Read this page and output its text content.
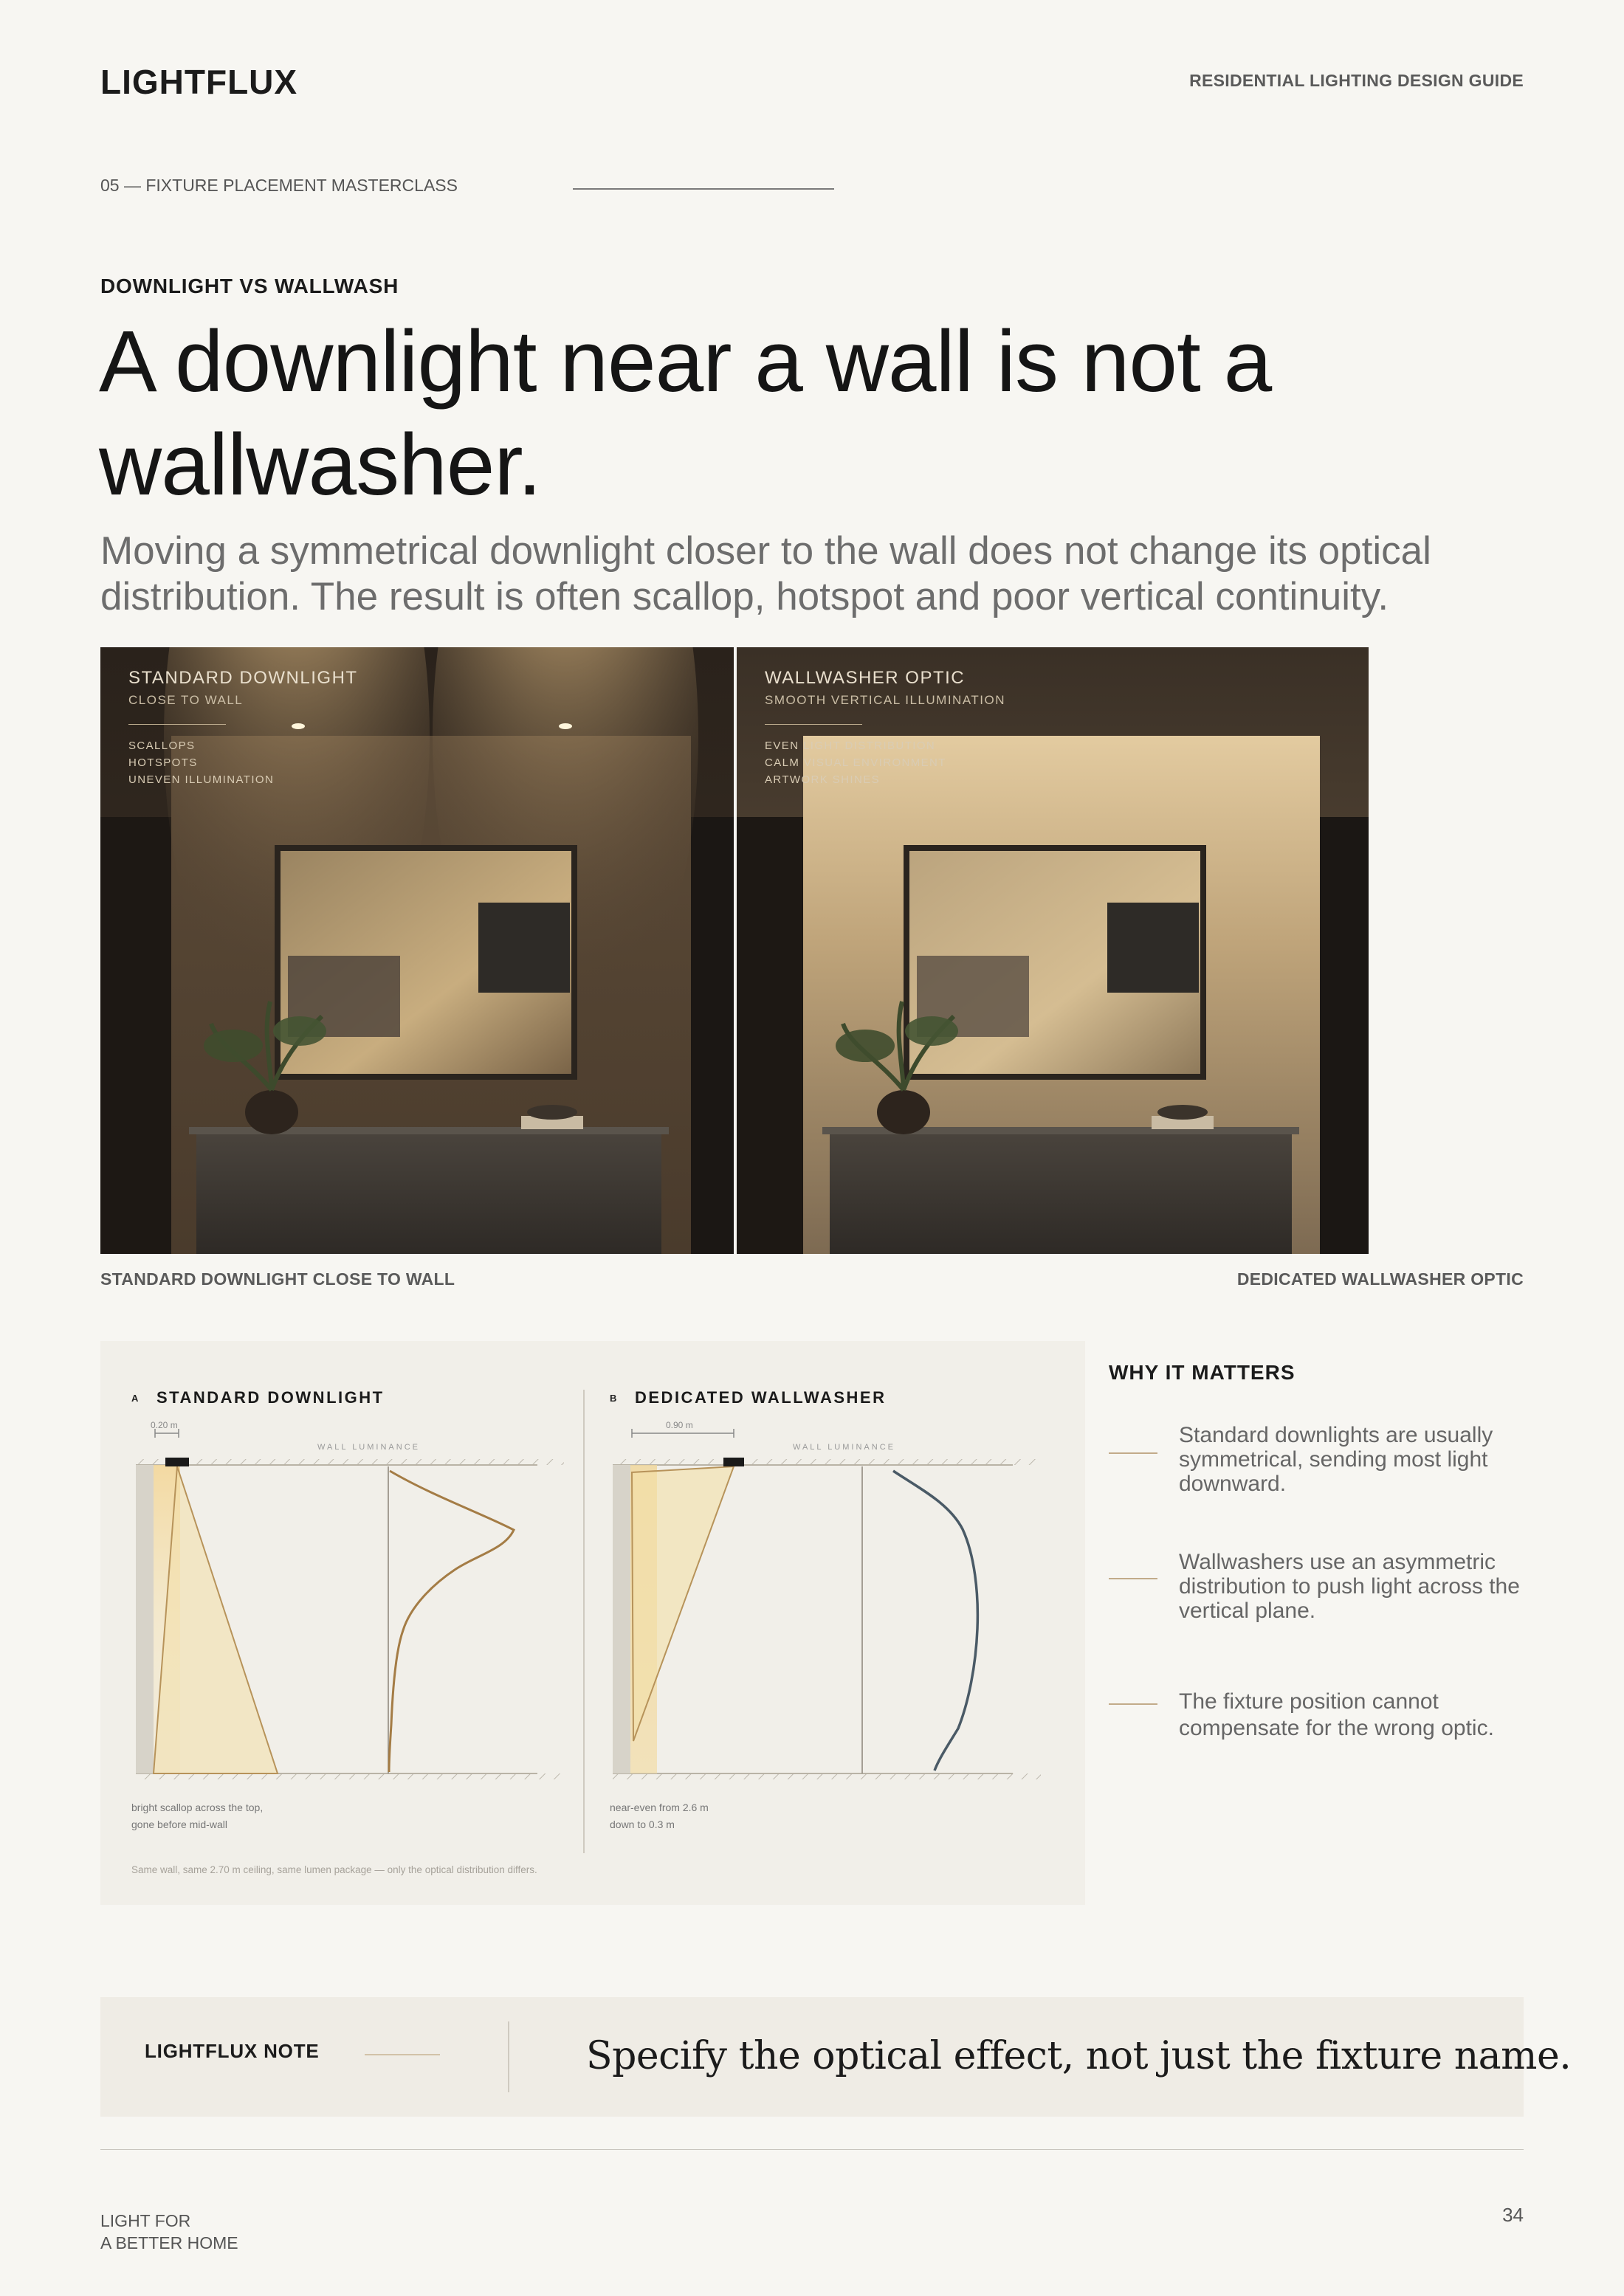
LIGHTFLUX	RESIDENTIAL LIGHTING DESIGN GUIDE
05 — FIXTURE PLACEMENT MASTERCLASS
DOWNLIGHT VS WALLWASH
A downlight near a wall is not a wallwasher.
Moving a symmetrical downlight closer to the wall does not change its optical distribution. The result is often scallop, hotspot and poor vertical continuity.
STANDARD DOWNLIGHT
CLOSE TO WALL
SCALLOPS
HOTSPOTS
UNEVEN ILLUMINATION
WALLWASHER OPTIC
SMOOTH VERTICAL ILLUMINATION
EVEN LIGHT DISTRIBUTION
CALM VISUAL ENVIRONMENT
ARTWORK SHINES
STANDARD DOWNLIGHT CLOSE TO WALL	DEDICATED WALLWASHER OPTIC
A STANDARD DOWNLIGHT
0.20 m
WALL LUMINANCE
bright scallop across the top,
gone before mid-wall
B DEDICATED WALLWASHER
0.90 m
WALL LUMINANCE
near-even from 2.6 m
down to 0.3 m
Same wall, same 2.70 m ceiling, same lumen package — only the optical distribution differs.
WHY IT MATTERS
Standard downlights are usually symmetrical, sending most light downward.
Wallwashers use an asymmetric distribution to push light across the vertical plane.
The fixture position cannot compensate for the wrong optic.
LIGHTFLUX NOTE	Specify the optical effect, not just the fixture name.
LIGHT FOR
A BETTER HOME
34
